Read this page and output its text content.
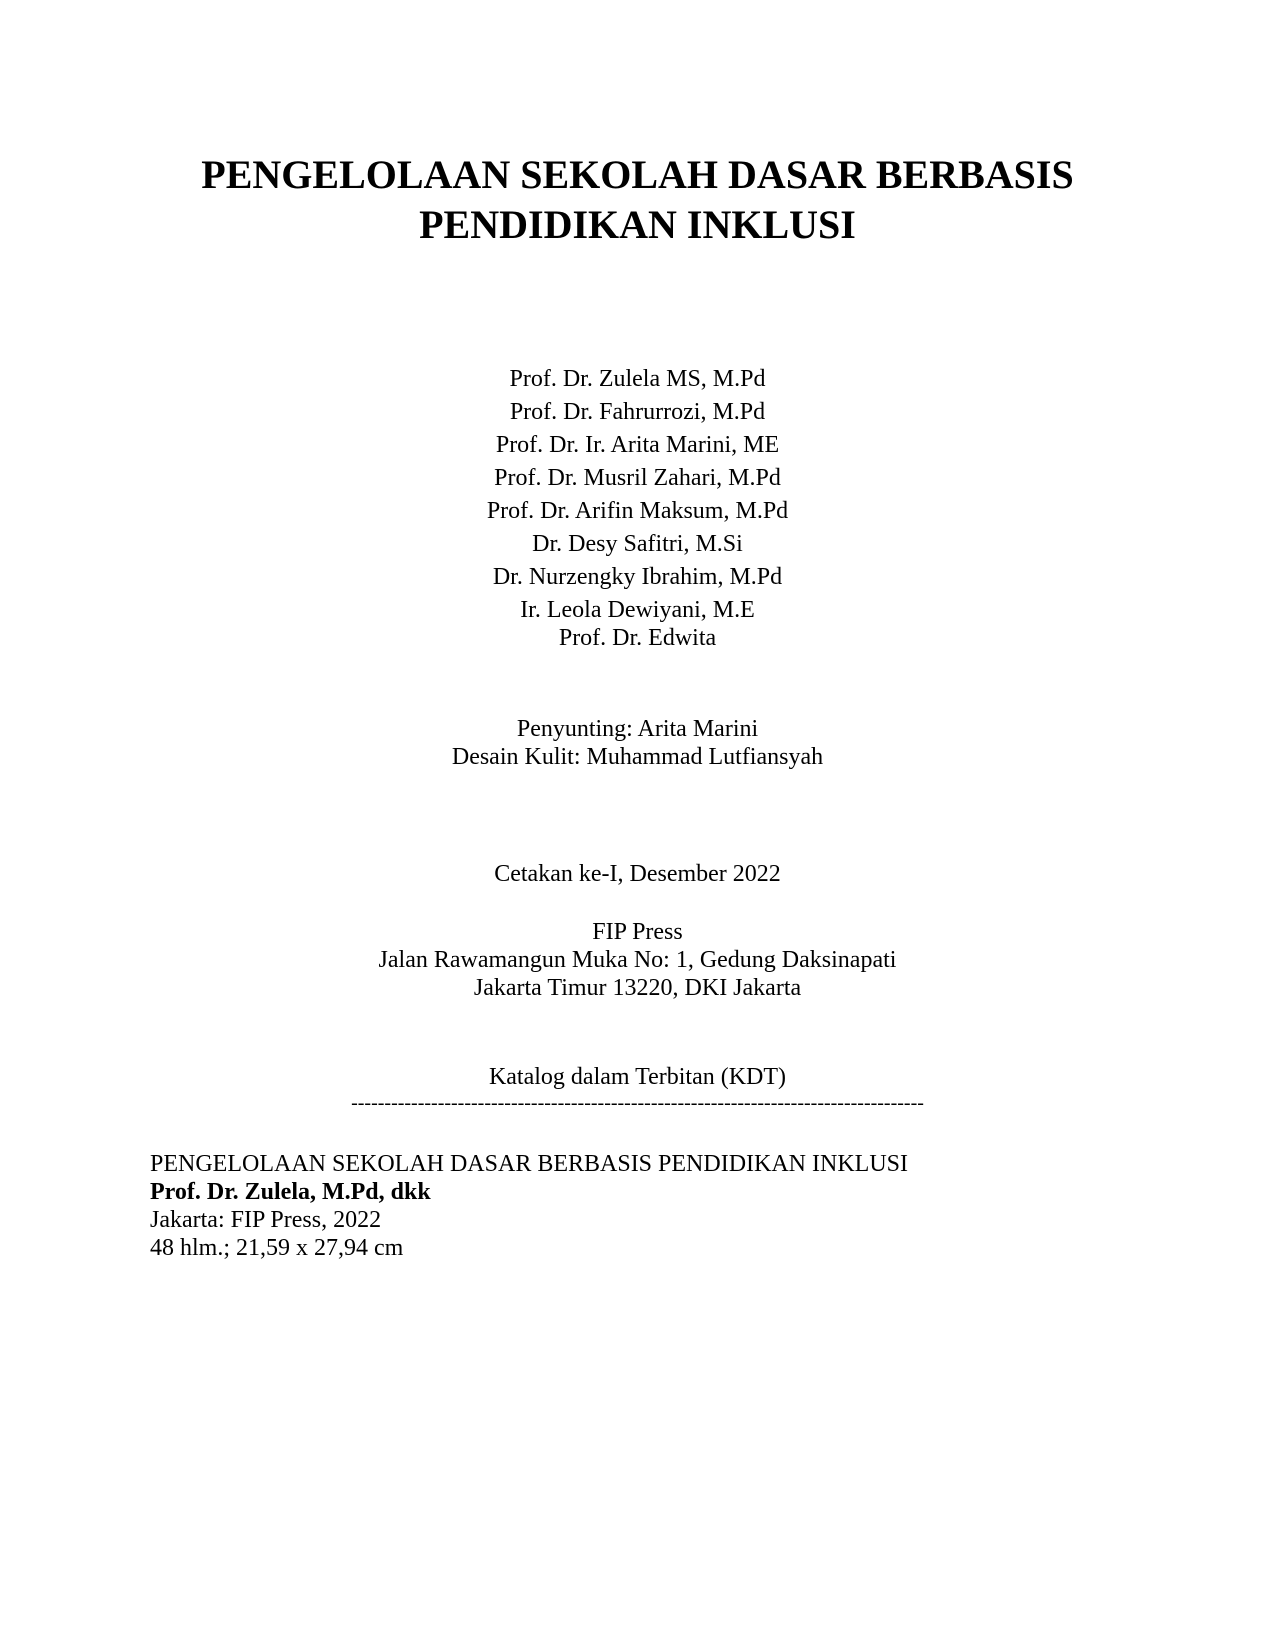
PENGELOLAAN SEKOLAH DASAR BERBASIS
PENDIDIKAN INKLUSI
Prof. Dr. Zulela MS, M.Pd
Prof. Dr. Fahrurrozi, M.Pd
Prof. Dr. Ir. Arita Marini, ME
Prof. Dr. Musril Zahari, M.Pd
Prof. Dr. Arifin Maksum, M.Pd
Dr. Desy Safitri, M.Si
Dr. Nurzengky Ibrahim, M.Pd
Ir. Leola Dewiyani, M.E
Prof. Dr. Edwita
Penyunting: Arita Marini
Desain Kulit: Muhammad Lutfiansyah
Cetakan ke-I, Desember 2022
FIP Press
Jalan Rawamangun Muka No: 1, Gedung Daksinapati
Jakarta Timur 13220, DKI Jakarta
Katalog dalam Terbitan (KDT)
--------------------------------------------------------------------------------------
PENGELOLAAN SEKOLAH DASAR BERBASIS PENDIDIKAN INKLUSI
Prof. Dr. Zulela, M.Pd, dkk
Jakarta: FIP Press, 2022
48 hlm.; 21,59 x 27,94 cm
